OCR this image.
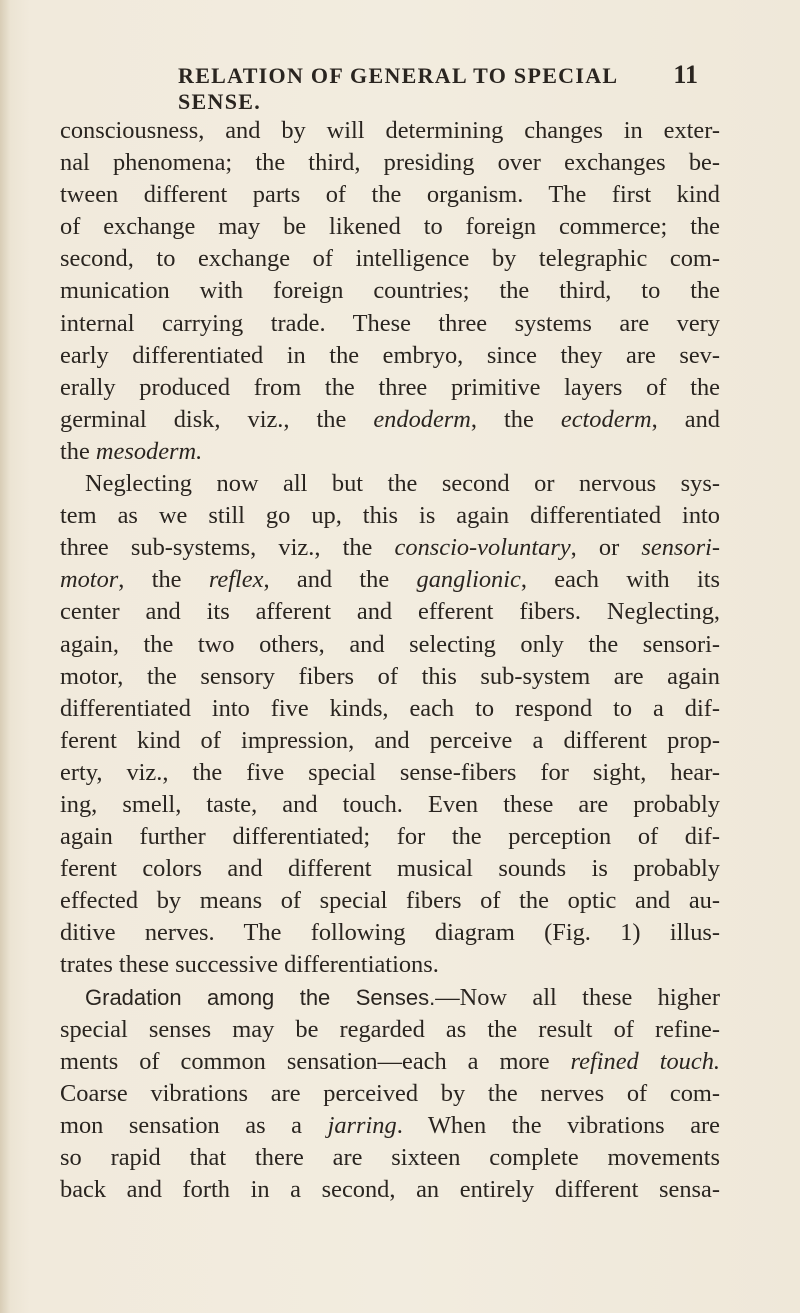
RELATION OF GENERAL TO SPECIAL SENSE.
11
consciousness, and by will determining changes in exter-
nal phenomena; the third, presiding over exchanges be-
tween different parts of the organism. The first kind
of exchange may be likened to foreign commerce; the
second, to exchange of intelligence by telegraphic com-
munication with foreign countries; the third, to the
internal carrying trade. These three systems are very
early differentiated in the embryo, since they are sev-
erally produced from the three primitive layers of the
germinal disk, viz., the endoderm, the ectoderm, and
the mesoderm.
Neglecting now all but the second or nervous sys-
tem as we still go up, this is again differentiated into
three sub-systems, viz., the conscio-voluntary, or sensori-
motor, the reflex, and the ganglionic, each with its
center and its afferent and efferent fibers. Neglecting,
again, the two others, and selecting only the sensori-
motor, the sensory fibers of this sub-system are again
differentiated into five kinds, each to respond to a dif-
ferent kind of impression, and perceive a different prop-
erty, viz., the five special sense-fibers for sight, hear-
ing, smell, taste, and touch. Even these are probably
again further differentiated; for the perception of dif-
ferent colors and different musical sounds is probably
effected by means of special fibers of the optic and au-
ditive nerves. The following diagram (Fig. 1) illus-
trates these successive differentiations.
Gradation among the Senses.—Now all these higher
special senses may be regarded as the result of refine-
ments of common sensation—each a more refined touch.
Coarse vibrations are perceived by the nerves of com-
mon sensation as a jarring. When the vibrations are
so rapid that there are sixteen complete movements
back and forth in a second, an entirely different sensa-
